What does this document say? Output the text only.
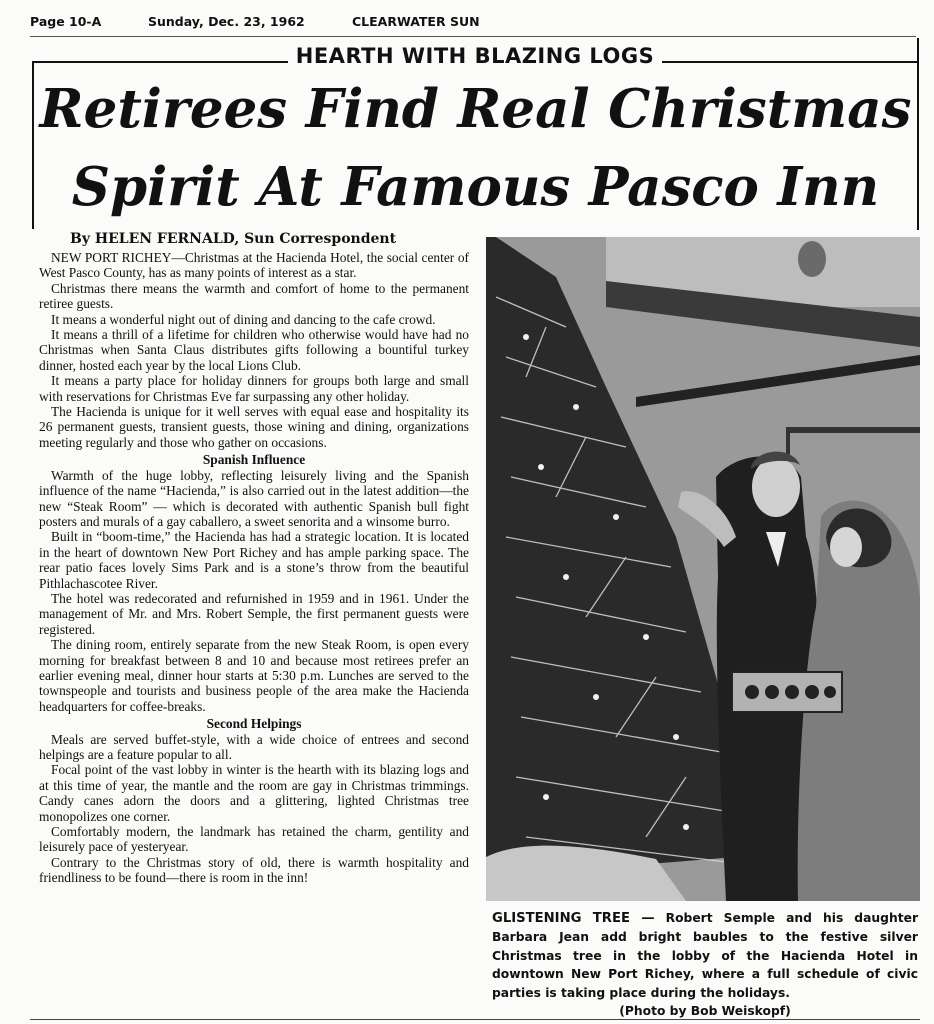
Page 10-A	Sunday, Dec. 23, 1962	CLEARWATER SUN
HEARTH WITH BLAZING LOGS
Retirees Find Real Christmas
Spirit At Famous Pasco Inn
By HELEN FERNALD, Sun Correspondent

NEW PORT RICHEY—Christmas at the Hacienda Hotel, the social center of West Pasco County, has as many points of interest as a star.

Christmas there means the warmth and comfort of home to the permanent retiree guests.

It means a wonderful night out of dining and dancing to the cafe crowd.

It means a thrill of a lifetime for children who otherwise would have had no Christmas when Santa Claus distributes gifts following a bountiful turkey dinner, hosted each year by the local Lions Club.

It means a party place for holiday dinners for groups both large and small with reservations for Christmas Eve far surpassing any other holiday.

The Hacienda is unique for it well serves with equal ease and hospitality its 26 permanent guests, transient guests, those wining and dining, organizations meeting regularly and those who gather on occasions.

Spanish Influence

Warmth of the huge lobby, reflecting leisurely living and the Spanish influence of the name “Hacienda,” is also carried out in the latest addition—the new “Steak Room” — which is decorated with authentic Spanish bull fight posters and murals of a gay caballero, a sweet senorita and a winsome burro.

Built in “boom-time,” the Hacienda has had a strategic location. It is located in the heart of downtown New Port Richey and has ample parking space. The rear patio faces lovely Sims Park and is a stone’s throw from the beautiful Pithlachascotee River.

The hotel was redecorated and refurnished in 1959 and in 1961. Under the management of Mr. and Mrs. Robert Semple, the first permanent guests were registered.

The dining room, entirely separate from the new Steak Room, is open every morning for breakfast between 8 and 10 and because most retirees prefer an earlier evening meal, dinner hour starts at 5:30 p.m. Lunches are served to the townspeople and tourists and business people of the area make the Hacienda headquarters for coffee-breaks.

Second Helpings

Meals are served buffet-style, with a wide choice of entrees and second helpings are a feature popular to all.

Focal point of the vast lobby in winter is the hearth with its blazing logs and at this time of year, the mantle and the room are gay in Christmas trimmings. Candy canes adorn the doors and a glittering, lighted Christmas tree monopolizes one corner.

Comfortably modern, the landmark has retained the charm, gentility and leisurely pace of yesteryear.

Contrary to the Christmas story of old, there is warmth hospitality and friendliness to be found—there is room in the inn!

GLISTENING TREE — Robert Semple and his daughter Barbara Jean add bright baubles to the festive silver Christmas tree in the lobby of the Hacienda Hotel in downtown New Port Richey, where a full schedule of civic parties is taking place during the holidays.
(Photo by Bob Weiskopf)
